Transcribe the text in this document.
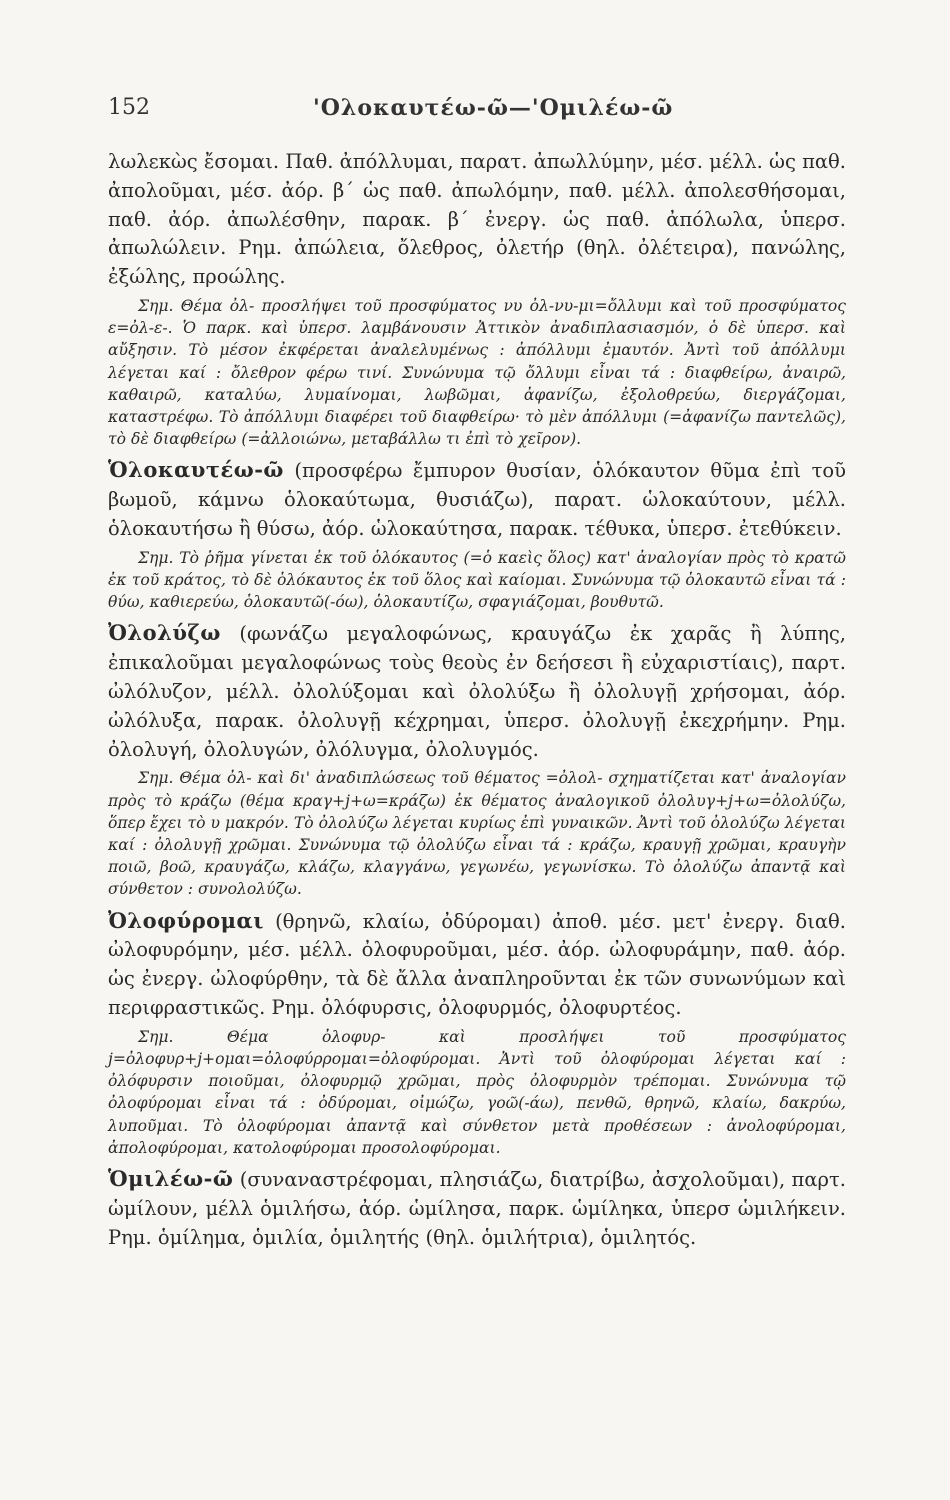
152	'Ολοκαυτέω-ῶ—'Ομιλέω-ῶ

λωλεκὼς ἔσομαι. Παθ. ἀπόλλυμαι, παρατ. ἀπωλλύμην, μέσ. μέλλ. ὡς παθ. ἀπολοῦμαι, μέσ. ἀόρ. β΄ ὡς παθ. ἀπωλόμην, παθ. μέλλ. ἀπολεσθήσομαι, παθ. ἀόρ. ἀπωλέσθην, παρακ. β΄ ἐνεργ. ὡς παθ. ἀπόλωλα, ὑπερσ. ἀπωλώλειν. Ρημ. ἀπώλεια, ὄλεθρος, ὀλετήρ (θηλ. ὀλέτειρα), πανώλης, ἐξώλης, προώλης.

Σημ. Θέμα ὀλ- προσλήψει τοῦ προσφύματος νυ ὀλ-νυ-μι=ὄλλυμι καὶ τοῦ προσφύματος ε=ὀλ-ε-. Ὁ παρκ. καὶ ὑπερσ. λαμβάνουσιν Ἀττικὸν ἀναδιπλασιασμόν, ὁ δὲ ὑπερσ. καὶ αὔξησιν. Τὸ μέσον ἐκφέρεται ἀναλελυμένως : ἀπόλλυμι ἐμαυτόν. Ἀντὶ τοῦ ἀπόλλυμι λέγεται καί : ὄλεθρον φέρω τινί. Συνώνυμα τῷ ὄλλυμι εἶναι τά : διαφθείρω, ἀναιρῶ, καθαιρῶ, καταλύω, λυμαίνομαι, λωβῶμαι, ἀφανίζω, ἐξολοθρεύω, διεργάζομαι, καταστρέφω. Τὸ ἀπόλλυμι διαφέρει τοῦ διαφθείρω· τὸ μὲν ἀπόλλυμι (=ἀφανίζω παντελῶς), τὸ δὲ διαφθείρω (=ἀλλοιώνω, μεταβάλλω τι ἐπὶ τὸ χεῖρον).

Ὁλοκαυτέω-ῶ (προσφέρω ἔμπυρον θυσίαν, ὁλόκαυτον θῦμα ἐπὶ τοῦ βωμοῦ, κάμνω ὁλοκαύτωμα, θυσιάζω), παρατ. ὡλοκαύτουν, μέλλ. ὁλοκαυτήσω ἢ θύσω, ἀόρ. ὡλοκαύτησα, παρακ. τέθυκα, ὑπερσ. ἐτεθύκειν.

Σημ. Τὸ ῥῆμα γίνεται ἐκ τοῦ ὁλόκαυτος (=ὁ καεὶς ὅλος) κατ' ἀναλογίαν πρὸς τὸ κρατῶ ἐκ τοῦ κράτος, τὸ δὲ ὁλόκαυτος ἐκ τοῦ ὅλος καὶ καίομαι. Συνώνυμα τῷ ὁλοκαυτῶ εἶναι τά : θύω, καθιερεύω, ὁλοκαυτῶ(-όω), ὁλοκαυτίζω, σφαγιάζομαι, βουθυτῶ.

Ὀλολύζω (φωνάζω μεγαλοφώνως, κραυγάζω ἐκ χαρᾶς ἢ λύπης, ἐπικαλοῦμαι μεγαλοφώνως τοὺς θεοὺς ἐν δεήσεσι ἢ εὐχαριστίαις), παρτ. ὠλόλυζον, μέλλ. ὀλολύξομαι καὶ ὀλολύξω ἢ ὀλολυγῇ χρήσομαι, ἀόρ. ὠλόλυξα, παρακ. ὀλολυγῇ κέχρημαι, ὑπερσ. ὀλολυγῇ ἐκεχρήμην. Ρημ. ὀλολυγή, ὀλολυγών, ὀλόλυγμα, ὀλολυγμός.

Σημ. Θέμα ὀλ- καὶ δι' ἀναδιπλώσεως τοῦ θέματος =ὀλολ- σχηματίζεται κατ' ἀναλογίαν πρὸς τὸ κράζω (θέμα κραγ+j+ω=κράζω) ἐκ θέματος ἀναλογικοῦ ὀλολυγ+j+ω=ὀλολύζω, ὅπερ ἔχει τὸ υ μακρόν. Τὸ ὀλολύζω λέγεται κυρίως ἐπὶ γυναικῶν. Ἀντὶ τοῦ ὀλολύζω λέγεται καί : ὀλολυγῇ χρῶμαι. Συνώνυμα τῷ ὀλολύζω εἶναι τά : κράζω, κραυγῇ χρῶμαι, κραυγὴν ποιῶ, βοῶ, κραυγάζω, κλάζω, κλαγγάνω, γεγωνέω, γεγωνίσκω. Τὸ ὀλολύζω ἀπαντᾷ καὶ σύνθετον : συνολολύζω.

Ὀλοφύρομαι (θρηνῶ, κλαίω, ὀδύρομαι) ἀποθ. μέσ. μετ' ἐνεργ. διαθ. ὠλοφυρόμην, μέσ. μέλλ. ὀλοφυροῦμαι, μέσ. ἀόρ. ὠλοφυράμην, παθ. ἀόρ. ὡς ἐνεργ. ὠλοφύρθην, τὰ δὲ ἄλλα ἀναπληροῦνται ἐκ τῶν συνωνύμων καὶ περιφραστικῶς. Ρημ. ὀλόφυρσις, ὀλοφυρμός, ὀλοφυρτέος.

Σημ. Θέμα ὀλοφυρ- καὶ προσλήψει τοῦ προσφύματος j=ὀλοφυρ+j+ομαι=ὀλοφύρρομαι=ὀλοφύρομαι. Ἀντὶ τοῦ ὀλοφύρομαι λέγεται καί : ὀλόφυρσιν ποιοῦμαι, ὀλοφυρμῷ χρῶμαι, πρὸς ὀλοφυρμὸν τρέπομαι. Συνώνυμα τῷ ὀλοφύρομαι εἶναι τά : ὀδύρομαι, οἰμώζω, γοῶ(-άω), πενθῶ, θρηνῶ, κλαίω, δακρύω, λυποῦμαι. Τὸ ὀλοφύρομαι ἀπαντᾷ καὶ σύνθετον μετὰ προθέσεων : ἀνολοφύρομαι, ἀπολοφύρομαι, κατολοφύρομαι προσολοφύρομαι.

Ὁμιλέω-ῶ (συναναστρέφομαι, πλησιάζω, διατρίβω, ἀσχολοῦμαι), παρτ. ὡμίλουν, μέλλ ὁμιλήσω, ἀόρ. ὡμίλησα, παρκ. ὡμίληκα, ὑπερσ ὡμιλήκειν. Ρημ. ὁμίλημα, ὁμιλία, ὁμιλητής (θηλ. ὁμιλήτρια), ὁμιλητός.
